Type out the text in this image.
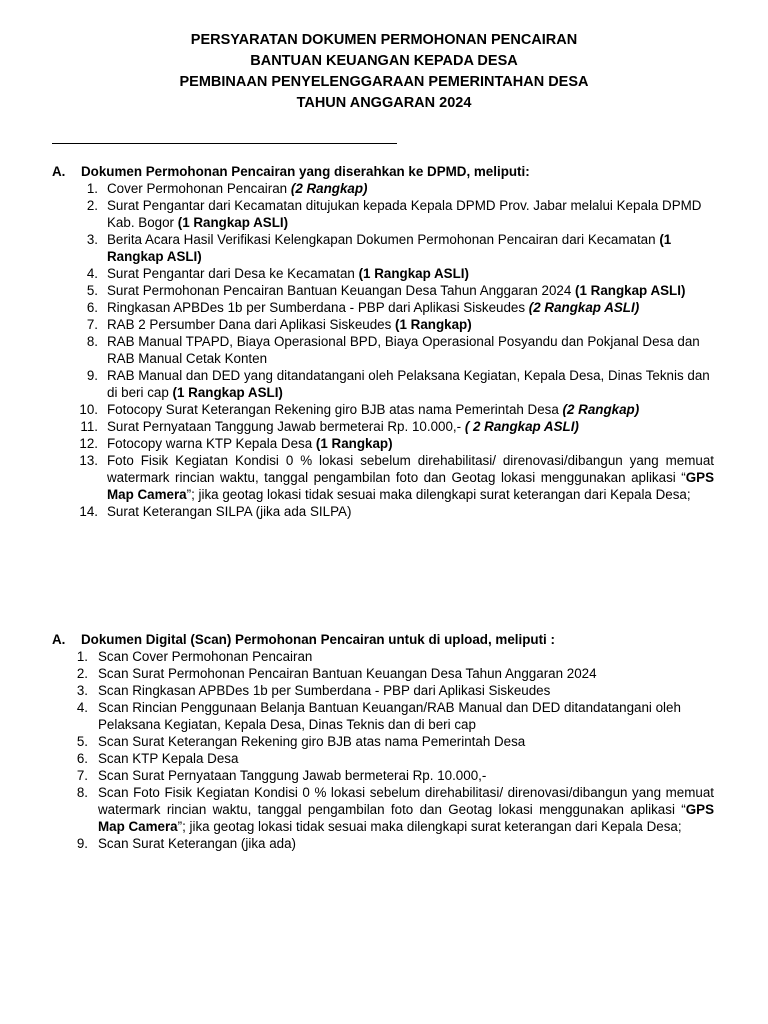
PERSYARATAN DOKUMEN PERMOHONAN PENCAIRAN
BANTUAN KEUANGAN KEPADA DESA
PEMBINAAN PENYELENGGARAAN PEMERINTAHAN DESA
TAHUN ANGGARAN 2024
A. Dokumen Permohonan Pencairan yang diserahkan ke DPMD, meliputi:
1. Cover Permohonan Pencairan (2 Rangkap)
2. Surat Pengantar dari Kecamatan ditujukan kepada Kepala DPMD Prov. Jabar melalui Kepala DPMD Kab. Bogor (1 Rangkap ASLI)
3. Berita Acara Hasil Verifikasi Kelengkapan Dokumen Permohonan Pencairan dari Kecamatan (1 Rangkap ASLI)
4. Surat Pengantar dari Desa ke Kecamatan (1 Rangkap ASLI)
5. Surat Permohonan Pencairan Bantuan Keuangan Desa Tahun Anggaran 2024 (1 Rangkap ASLI)
6. Ringkasan APBDes 1b per Sumberdana - PBP dari Aplikasi Siskeudes (2 Rangkap ASLI)
7. RAB 2 Persumber Dana dari Aplikasi Siskeudes (1 Rangkap)
8. RAB Manual TPAPD, Biaya Operasional BPD, Biaya Operasional Posyandu dan Pokjanal Desa dan RAB Manual Cetak Konten
9. RAB Manual dan DED yang ditandatangani oleh Pelaksana Kegiatan, Kepala Desa, Dinas Teknis dan di beri cap (1 Rangkap ASLI)
10. Fotocopy Surat Keterangan Rekening giro BJB atas nama Pemerintah Desa (2 Rangkap)
11. Surat Pernyataan Tanggung Jawab bermeterai Rp. 10.000,- ( 2 Rangkap ASLI)
12. Fotocopy warna KTP Kepala Desa (1 Rangkap)
13. Foto Fisik Kegiatan Kondisi 0 % lokasi sebelum direhabilitasi/ direnovasi/dibangun yang memuat watermark rincian waktu, tanggal pengambilan foto dan Geotag lokasi menggunakan aplikasi “GPS Map Camera”; jika geotag lokasi tidak sesuai maka dilengkapi surat keterangan dari Kepala Desa;
14. Surat Keterangan SILPA (jika ada SILPA)
A. Dokumen Digital (Scan) Permohonan Pencairan untuk di upload, meliputi :
1. Scan Cover Permohonan Pencairan
2. Scan Surat Permohonan Pencairan Bantuan Keuangan Desa Tahun Anggaran 2024
3. Scan Ringkasan APBDes 1b per Sumberdana - PBP dari Aplikasi Siskeudes
4. Scan Rincian Penggunaan Belanja Bantuan Keuangan/RAB Manual dan DED ditandatangani oleh Pelaksana Kegiatan, Kepala Desa, Dinas Teknis dan di beri cap
5. Scan Surat Keterangan Rekening giro BJB atas nama Pemerintah Desa
6. Scan KTP Kepala Desa
7. Scan Surat Pernyataan Tanggung Jawab bermeterai Rp. 10.000,-
8. Scan Foto Fisik Kegiatan Kondisi 0 % lokasi sebelum direhabilitasi/ direnovasi/dibangun yang memuat watermark rincian waktu, tanggal pengambilan foto dan Geotag lokasi menggunakan aplikasi “GPS Map Camera”; jika geotag lokasi tidak sesuai maka dilengkapi surat keterangan dari Kepala Desa;
9. Scan Surat Keterangan (jika ada)
